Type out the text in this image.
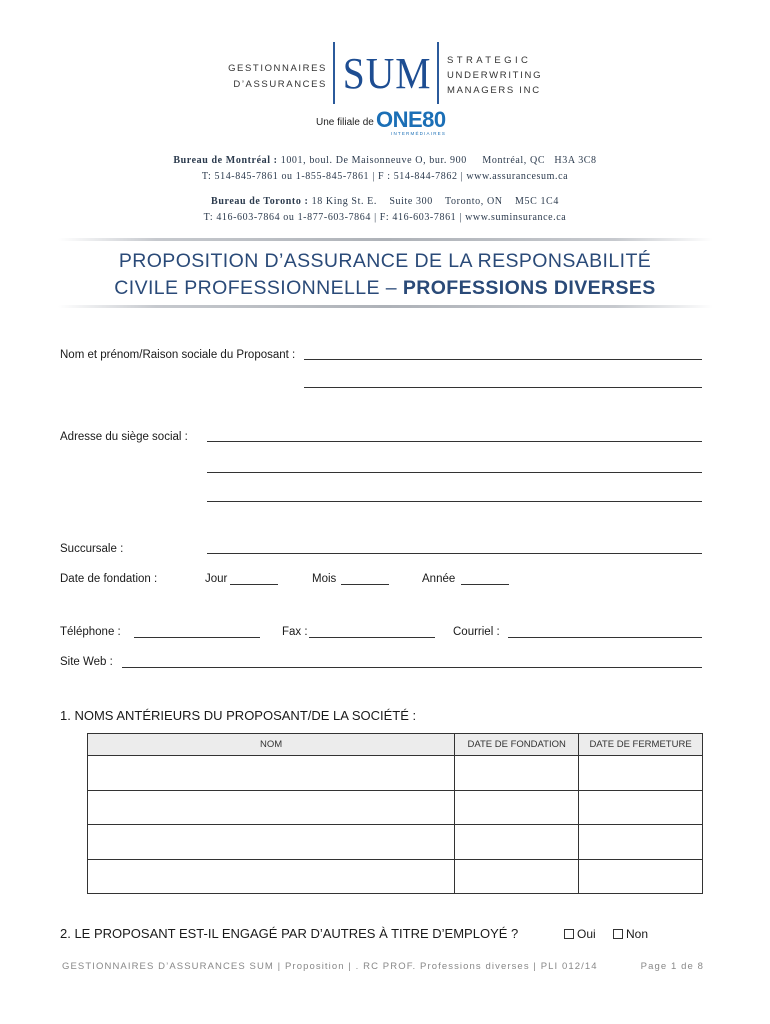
GESTIONNAIRES
D’ASSURANCES SUM STRATEGIC
UNDERWRITING
MANAGERS INC
Une filiale de ONE80
INTERMÉDIAIRES
Bureau de Montréal : 1001, boul. De Maisonneuve O, bur. 900     Montréal, QC   H3A 3C8
T: 514-845-7861 ou 1-855-845-7861 | F : 514-844-7862 | www.assurancesum.ca
Bureau de Toronto : 18 King St. E.    Suite 300    Toronto, ON    M5C 1C4
T: 416-603-7864 ou 1-877-603-7864 | F: 416-603-7861 | www.suminsurance.ca
PROPOSITION D’ASSURANCE DE LA RESPONSABILITÉ
CIVILE PROFESSIONNELLE – PROFESSIONS DIVERSES
Nom et prénom/Raison sociale du Proposant :
Adresse du siège social :
Succursale :
Date de fondation :	Jour	Mois	Année
Téléphone :	Fax :	Courriel :
Site Web :
1. NOMS ANTÉRIEURS DU PROPOSANT/DE LA SOCIÉTÉ :
NOM	DATE DE FONDATION	DATE DE FERMETURE

2. LE PROPOSANT EST-IL ENGAGÉ PAR D’AUTRES À TITRE D’EMPLOYÉ ?	Oui	Non
GESTIONNAIRES D’ASSURANCES SUM | Proposition | . RC PROF. Professions diverses | PLI 012/14	Page 1 de 8
